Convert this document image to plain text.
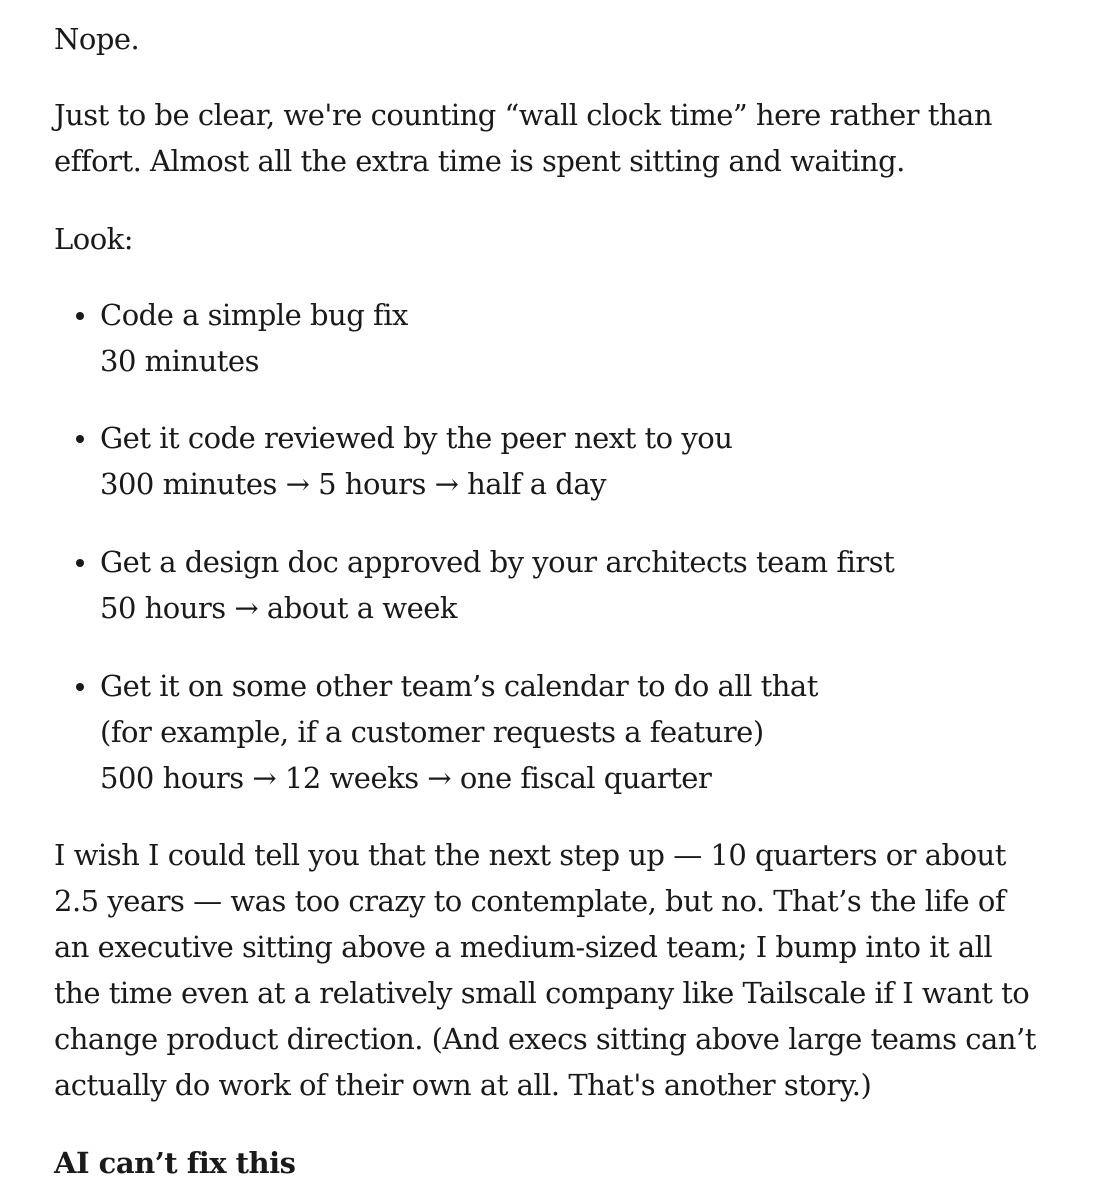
Nope.

Just to be clear, we're counting “wall clock time” here rather than
effort. Almost all the extra time is spent sitting and waiting.

Look:

Code a simple bug fix
30 minutes
Get it code reviewed by the peer next to you
300 minutes → 5 hours → half a day
Get a design doc approved by your architects team first
50 hours → about a week
Get it on some other team’s calendar to do all that
(for example, if a customer requests a feature)
500 hours → 12 weeks → one fiscal quarter

I wish I could tell you that the next step up — 10 quarters or about
2.5 years — was too crazy to contemplate, but no. That’s the life of
an executive sitting above a medium-sized team; I bump into it all
the time even at a relatively small company like Tailscale if I want to
change product direction. (And execs sitting above large teams can’t
actually do work of their own at all. That's another story.)

AI can’t fix this
